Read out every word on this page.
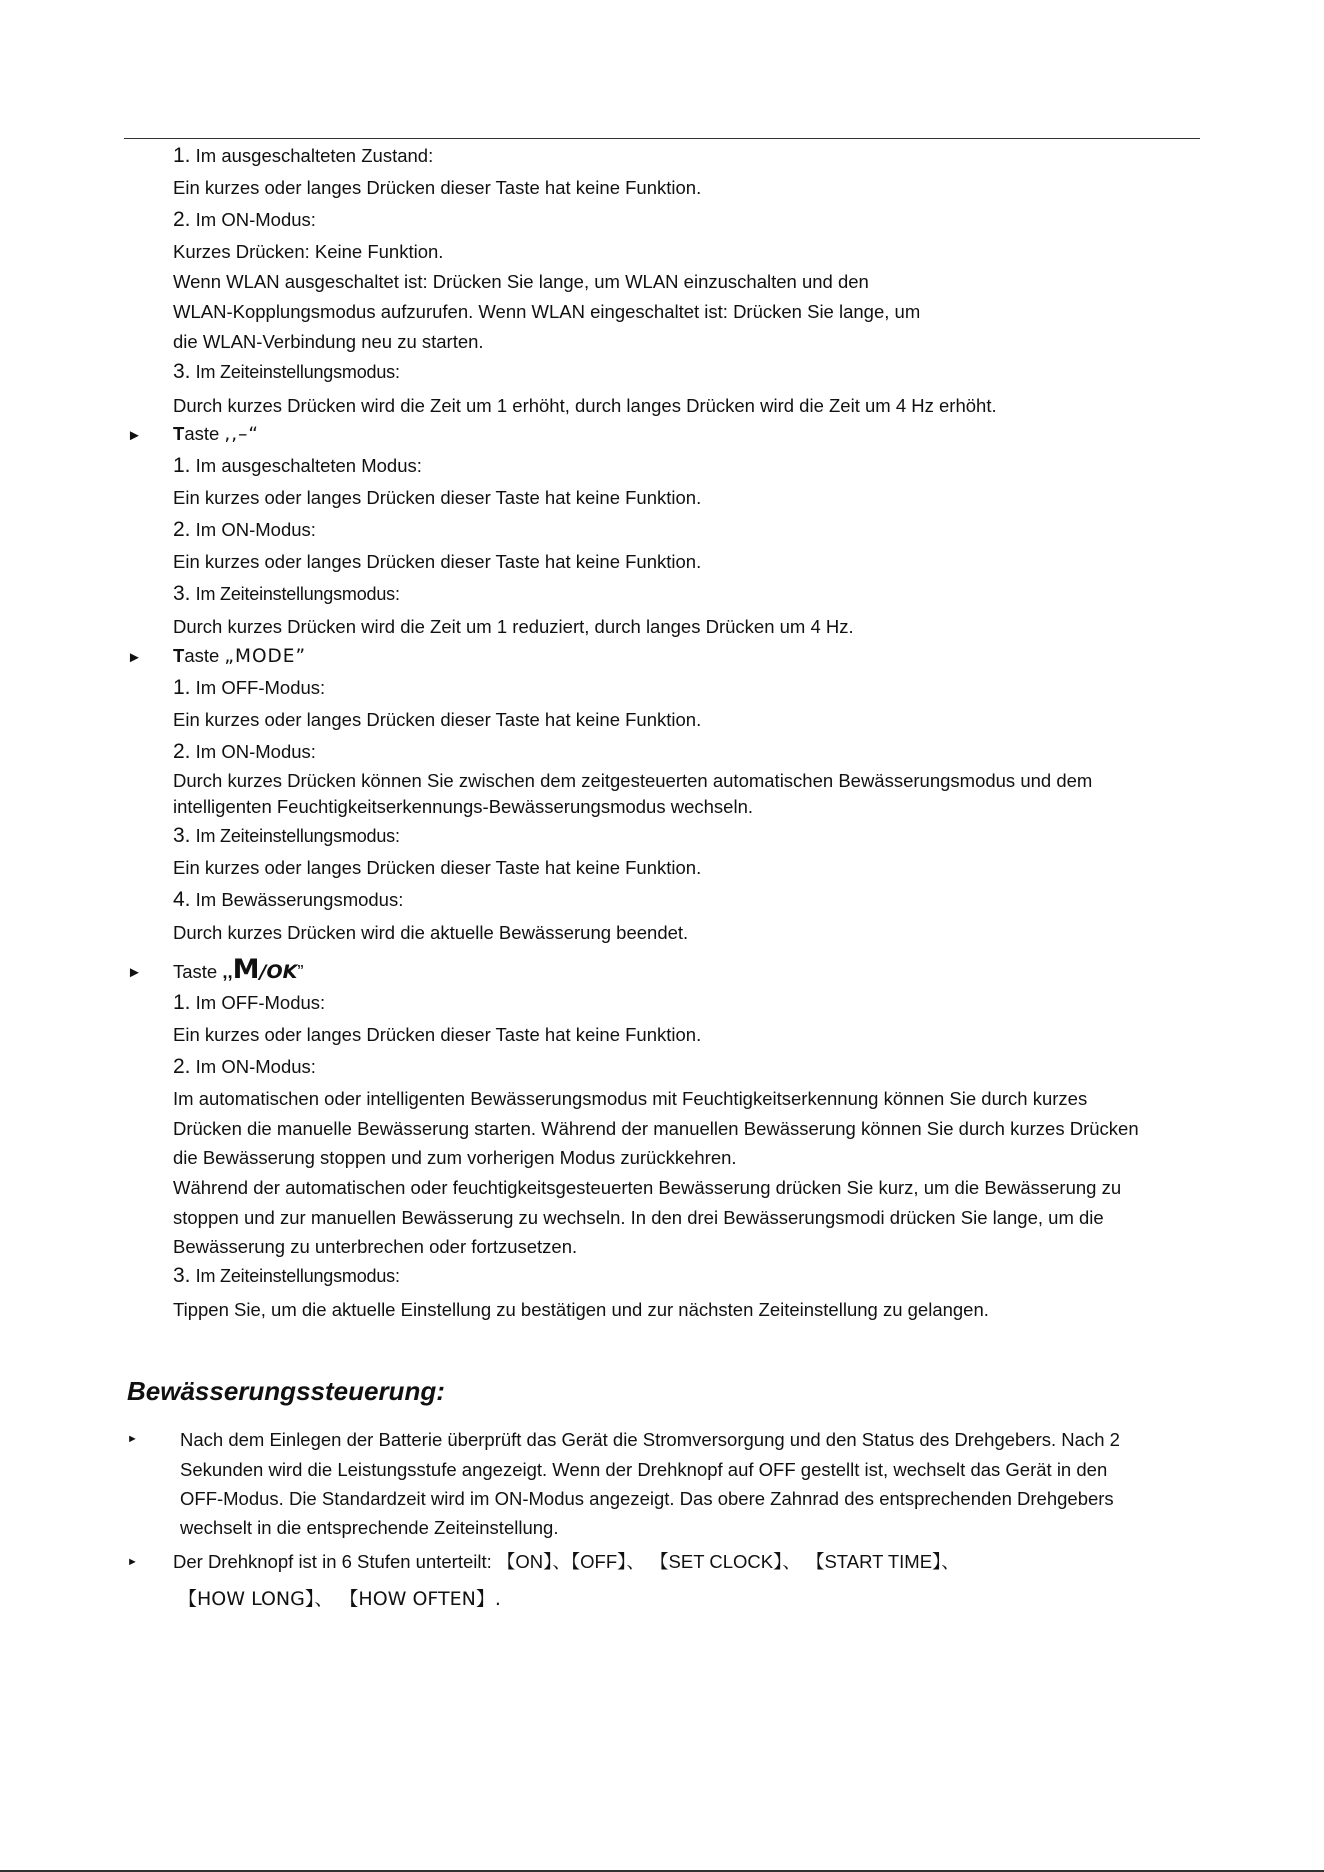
1. Im ausgeschalteten Zustand:
Ein kurzes oder langes Drücken dieser Taste hat keine Funktion.
2. Im ON-Modus:
Kurzes Drücken: Keine Funktion.
Wenn WLAN ausgeschaltet ist: Drücken Sie lange, um WLAN einzuschalten und den
WLAN-Kopplungsmodus aufzurufen. Wenn WLAN eingeschaltet ist: Drücken Sie lange, um
die WLAN-Verbindung neu zu starten.
3. Im Zeiteinstellungsmodus:
Durch kurzes Drücken wird die Zeit um 1 erhöht, durch langes Drücken wird die Zeit um 4 Hz erhöht.
► Taste ,,–“
1. Im ausgeschalteten Modus:
Ein kurzes oder langes Drücken dieser Taste hat keine Funktion.
2. Im ON-Modus:
Ein kurzes oder langes Drücken dieser Taste hat keine Funktion.
3. Im Zeiteinstellungsmodus:
Durch kurzes Drücken wird die Zeit um 1 reduziert, durch langes Drücken um 4 Hz.
► Taste „MODE”
1. Im OFF-Modus:
Ein kurzes oder langes Drücken dieser Taste hat keine Funktion.
2. Im ON-Modus:
Durch kurzes Drücken können Sie zwischen dem zeitgesteuerten automatischen Bewässerungsmodus und dem
intelligenten Feuchtigkeitserkennungs-Bewässerungsmodus wechseln.
3. Im Zeiteinstellungsmodus:
Ein kurzes oder langes Drücken dieser Taste hat keine Funktion.
4. Im Bewässerungsmodus:
Durch kurzes Drücken wird die aktuelle Bewässerung beendet.
► Taste ,,M/OK”
1. Im OFF-Modus:
Ein kurzes oder langes Drücken dieser Taste hat keine Funktion.
2. Im ON-Modus:
Im automatischen oder intelligenten Bewässerungsmodus mit Feuchtigkeitserkennung können Sie durch kurzes
Drücken die manuelle Bewässerung starten. Während der manuellen Bewässerung können Sie durch kurzes Drücken
die Bewässerung stoppen und zum vorherigen Modus zurückkehren.
Während der automatischen oder feuchtigkeitsgesteuerten Bewässerung drücken Sie kurz, um die Bewässerung zu
stoppen und zur manuellen Bewässerung zu wechseln. In den drei Bewässerungsmodi drücken Sie lange, um die
Bewässerung zu unterbrechen oder fortzusetzen.
3. Im Zeiteinstellungsmodus:
Tippen Sie, um die aktuelle Einstellung zu bestätigen und zur nächsten Zeiteinstellung zu gelangen.
Bewässerungssteuerung:
► Nach dem Einlegen der Batterie überprüft das Gerät die Stromversorgung und den Status des Drehgebers. Nach 2
Sekunden wird die Leistungsstufe angezeigt. Wenn der Drehknopf auf OFF gestellt ist, wechselt das Gerät in den
OFF-Modus. Die Standardzeit wird im ON-Modus angezeigt. Das obere Zahnrad des entsprechenden Drehgebers
wechselt in die entsprechende Zeiteinstellung.
► Der Drehknopf ist in 6 Stufen unterteilt: 【ON】、【OFF】、 【SET CLOCK】、 【START TIME】、
【HOW LONG】、 【HOW OFTEN】.
